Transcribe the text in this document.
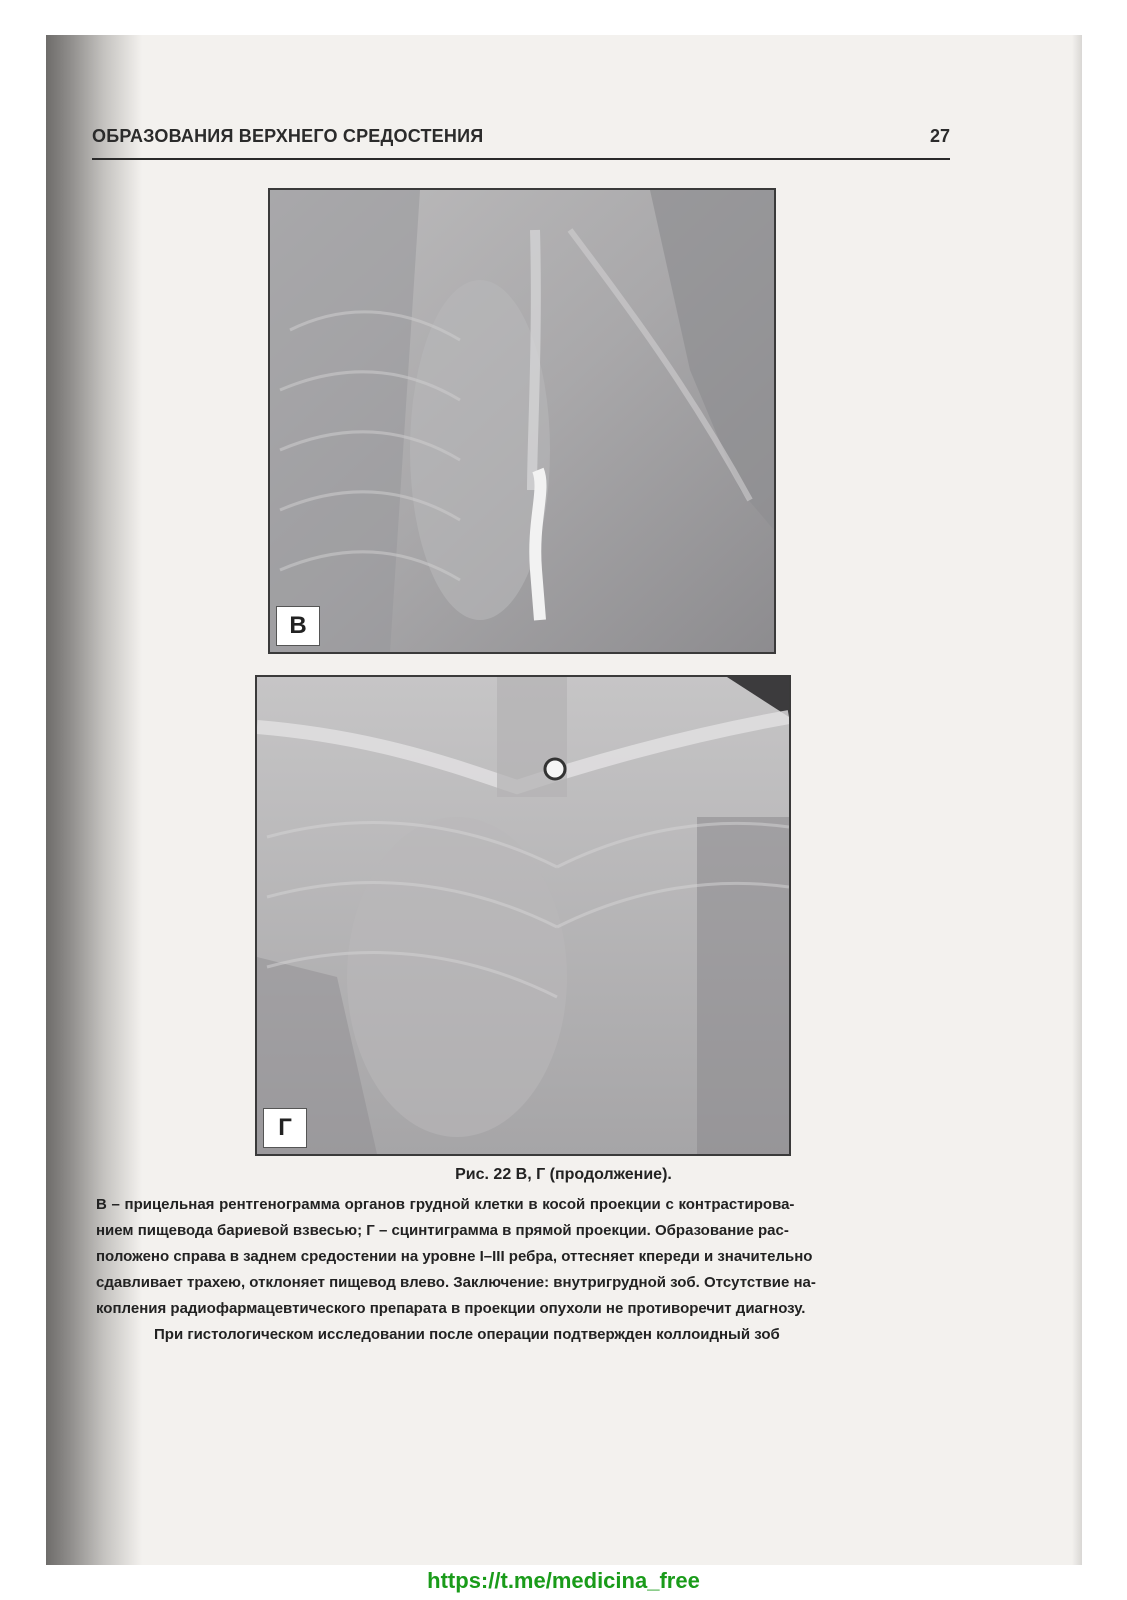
ОБРАЗОВАНИЯ ВЕРХНЕГО СРЕДОСТЕНИЯ	27
В
Г
Рис. 22 В, Г (продолжение).
В – прицельная рентгенограмма органов грудной клетки в косой проекции с контрастирова-
нием пищевода бариевой взвесью; Г – сцинтиграмма в прямой проекции. Образование рас-
положено справа в заднем средостении на уровне I–III ребра, оттесняет кпереди и значительно
сдавливает трахею, отклоняет пищевод влево. Заключение: внутригрудной зоб. Отсутствие на-
копления радиофармацевтического препарата в проекции опухоли не противоречит диагнозу.
При гистологическом исследовании после операции подтвержден коллоидный зоб
https://t.me/medicina_free
